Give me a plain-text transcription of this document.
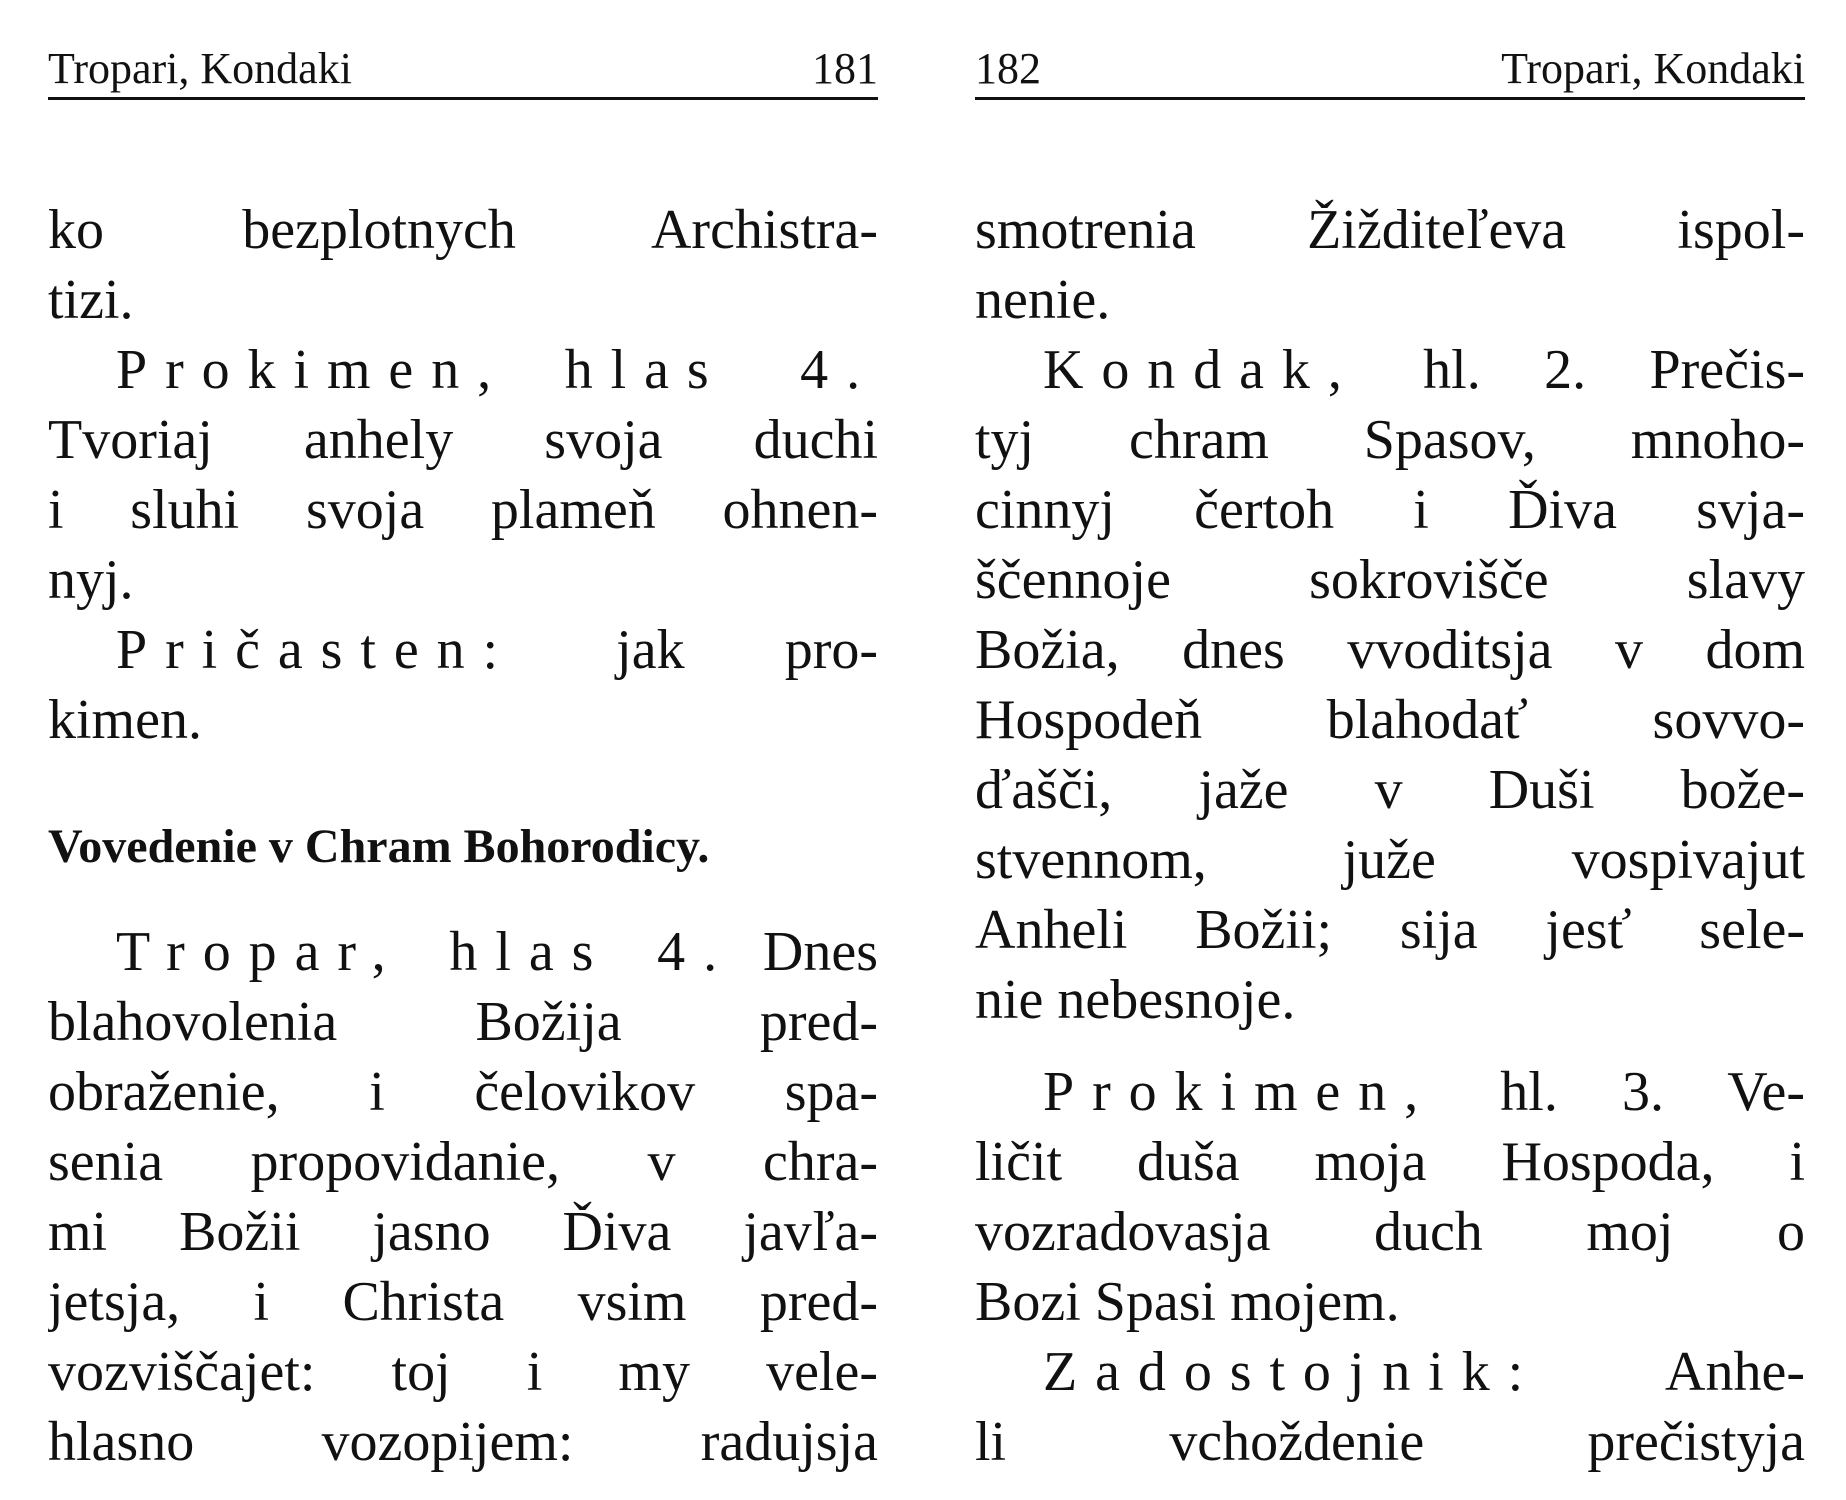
Tropari, Kondaki	181
ko bezplotnych Archistra-
tizi.
Prokimen, hlas 4.
Tvoriaj anhely svoja duchi
i sluhi svoja plameň ohnen-
nyj.
Pričasten: jak pro-
kimen.
Vovedenie v Chram Bohorodicy.
Tropar, hlas 4. Dnes
blahovolenia Božija pred-
obraženie, i čelovikov spa-
senia propovidanie, v chra-
mi Božii jasno Ďiva javľa-
jetsja, i Christa vsim pred-
vozviščajet: toj i my vele-
hlasno vozopijem: radujsja
182	Tropari, Kondaki
smotrenia Žižditeľeva ispol-
nenie.
Kondak, hl. 2. Prečis-
tyj chram Spasov, mnoho-
cinnyj čertoh i Ďiva svja-
ščennoje sokrovišče slavy
Božia, dnes vvoditsja v dom
Hospodeň blahodať sovvo-
ďašči, jaže v Duši bože-
stvennom, juže vospivajut
Anheli Božii; sija jesť sele-
nie nebesnoje.
Prokimen, hl. 3. Ve-
ličit duša moja Hospoda, i
vozradovasja duch moj o
Bozi Spasi mojem.
Zadostojnik: Anhe-
li vchoždenie prečistyja
